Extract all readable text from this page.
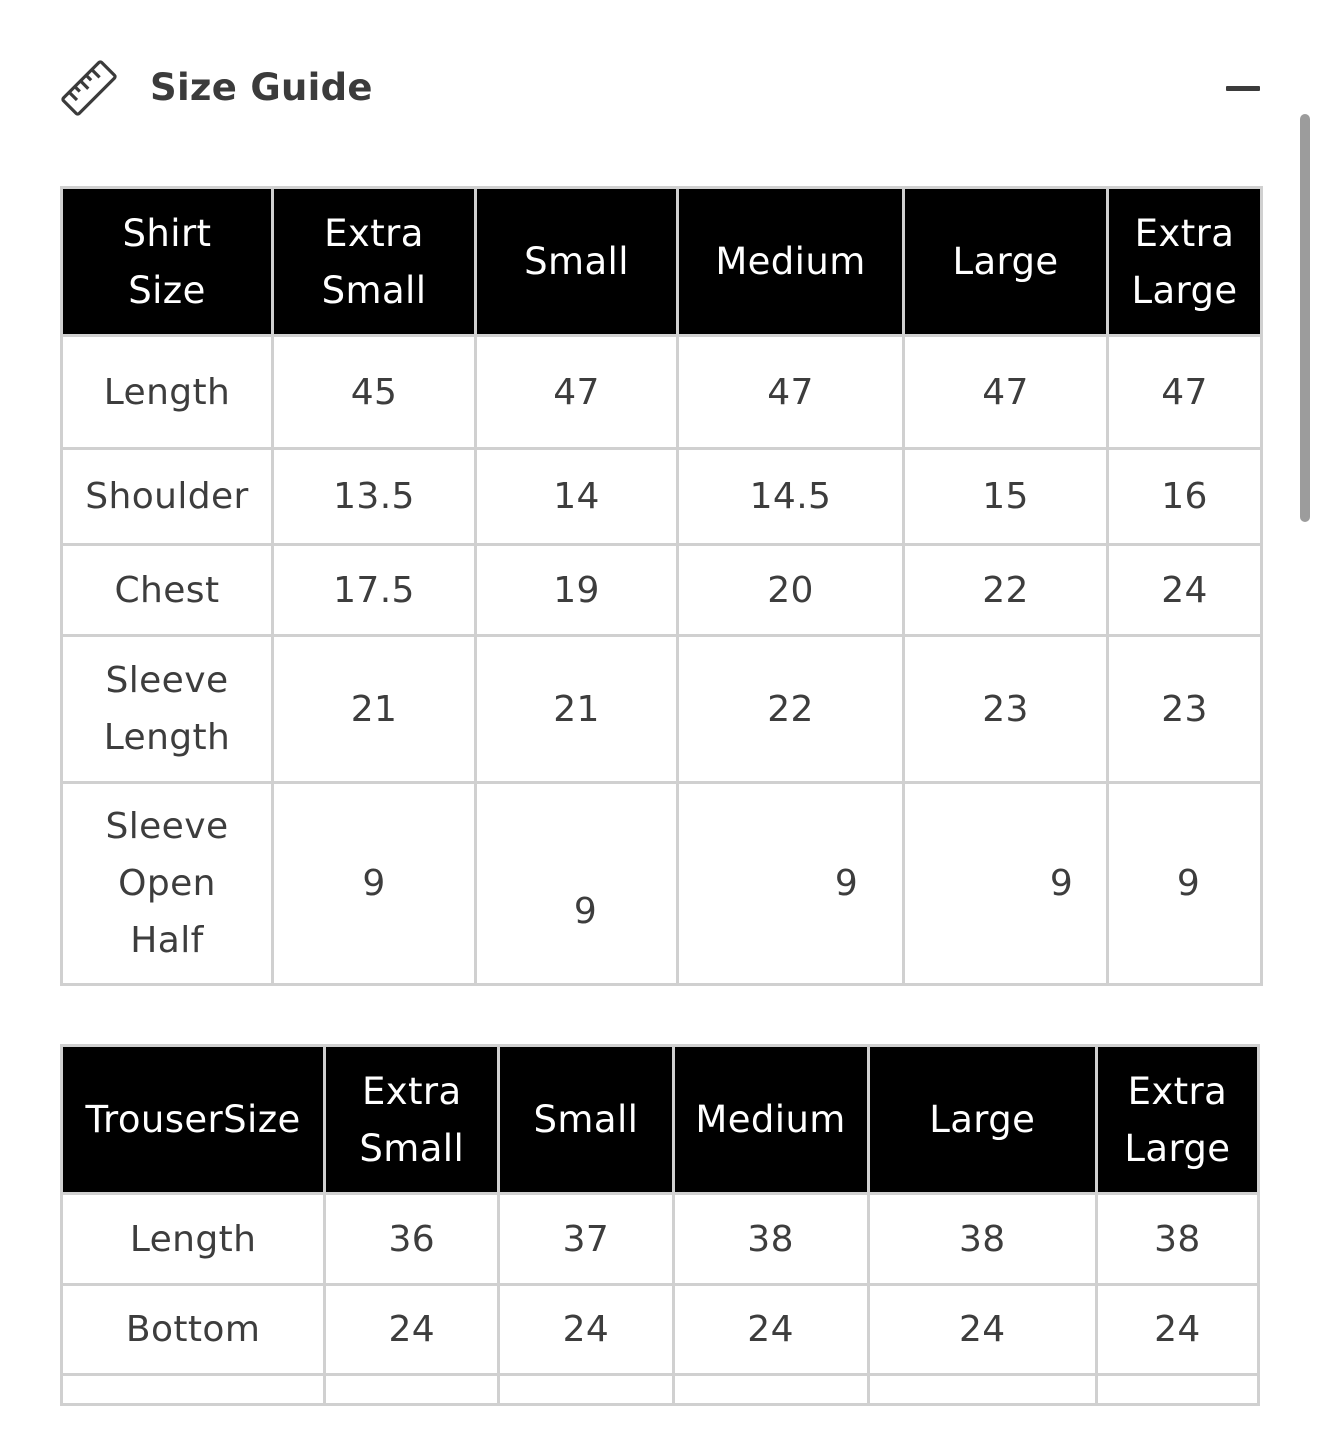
Size Guide
Shirt Size	Extra Small	Small	Medium	Large	Extra Large
Length	45	47	47	47	47
Shoulder	13.5	14	14.5	15	16
Chest	17.5	19	20	22	24
Sleeve Length	21	21	22	23	23
Sleeve Open Half	9	9	9	9	9
TrouserSize	Extra Small	Small	Medium	Large	Extra Large
Length	36	37	38	38	38
Bottom	24	24	24	24	24
